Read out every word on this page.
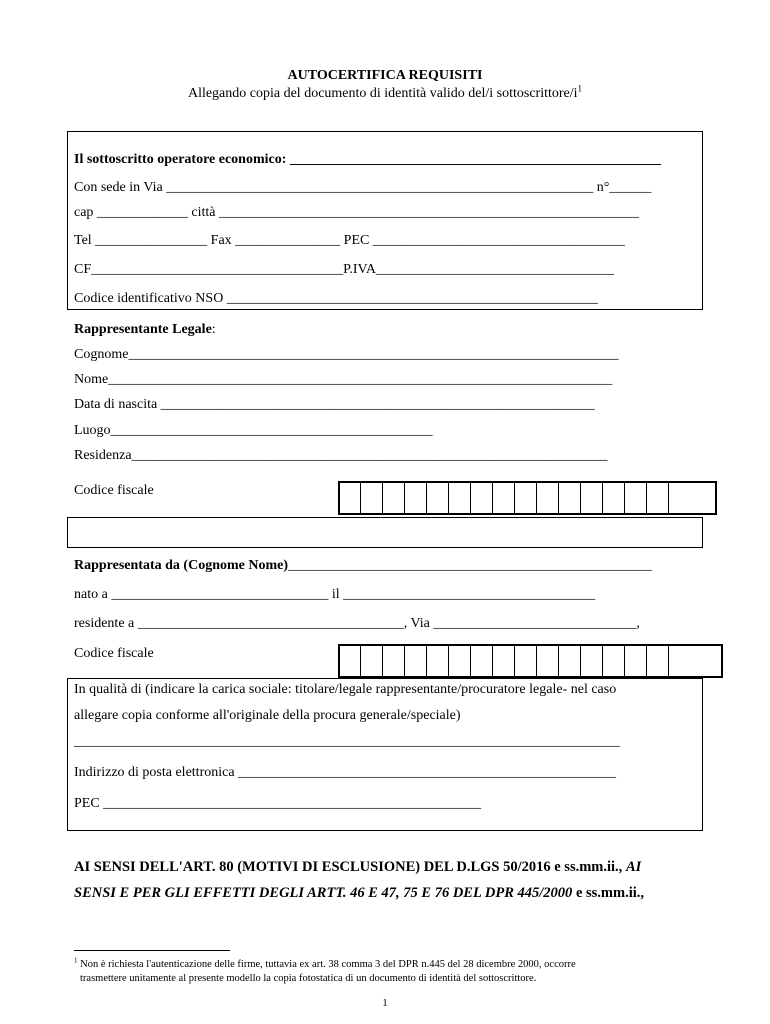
AUTOCERTIFICA REQUISITI
Allegando copia del documento di identità valido del/i sottoscrittore/$i^1$
Il sottoscritto operatore economico: _____________________________________________________
Con sede in Via _____________________________________________________________ n°______
cap _____________ città ____________________________________________________________
Tel ________________ Fax _______________ PEC ____________________________________
CF____________________________________P.IVA__________________________________
Codice identificativo NSO _____________________________________________________
Rappresentante Legale:
Cognome______________________________________________________________________
Nome________________________________________________________________________
Data di nascita ______________________________________________________________
Luogo______________________________________________
Residenza____________________________________________________________________
Codice fiscale
Rappresentata da (Cognome Nome)____________________________________________________
nato a _______________________________ il ____________________________________
residente a ______________________________________, Via _____________________________,
Codice fiscale
In qualità di (indicare la carica sociale: titolare/legale rappresentante/procuratore legale- nel caso
allegare copia conforme all'originale della procura generale/speciale)
______________________________________________________________________________
Indirizzo di posta elettronica ______________________________________________________
PEC ______________________________________________________
AI SENSI DELL'ART. 80 (MOTIVI DI ESCLUSIONE) DEL D.LGS 50/2016 e ss.mm.ii., AI
SENSI E PER GLI EFFETTI DEGLI ARTT. 46 E 47, 75 E 76 DEL DPR 445/2000 e ss.mm.ii.,
$^1$ Non è richiesta l'autenticazione delle firme, tuttavia ex art. 38 comma 3 del DPR n.445 del 28 dicembre 2000, occorre
trasmettere unitamente al presente modello la copia fotostatica di un documento di identità del sottoscrittore.
1
